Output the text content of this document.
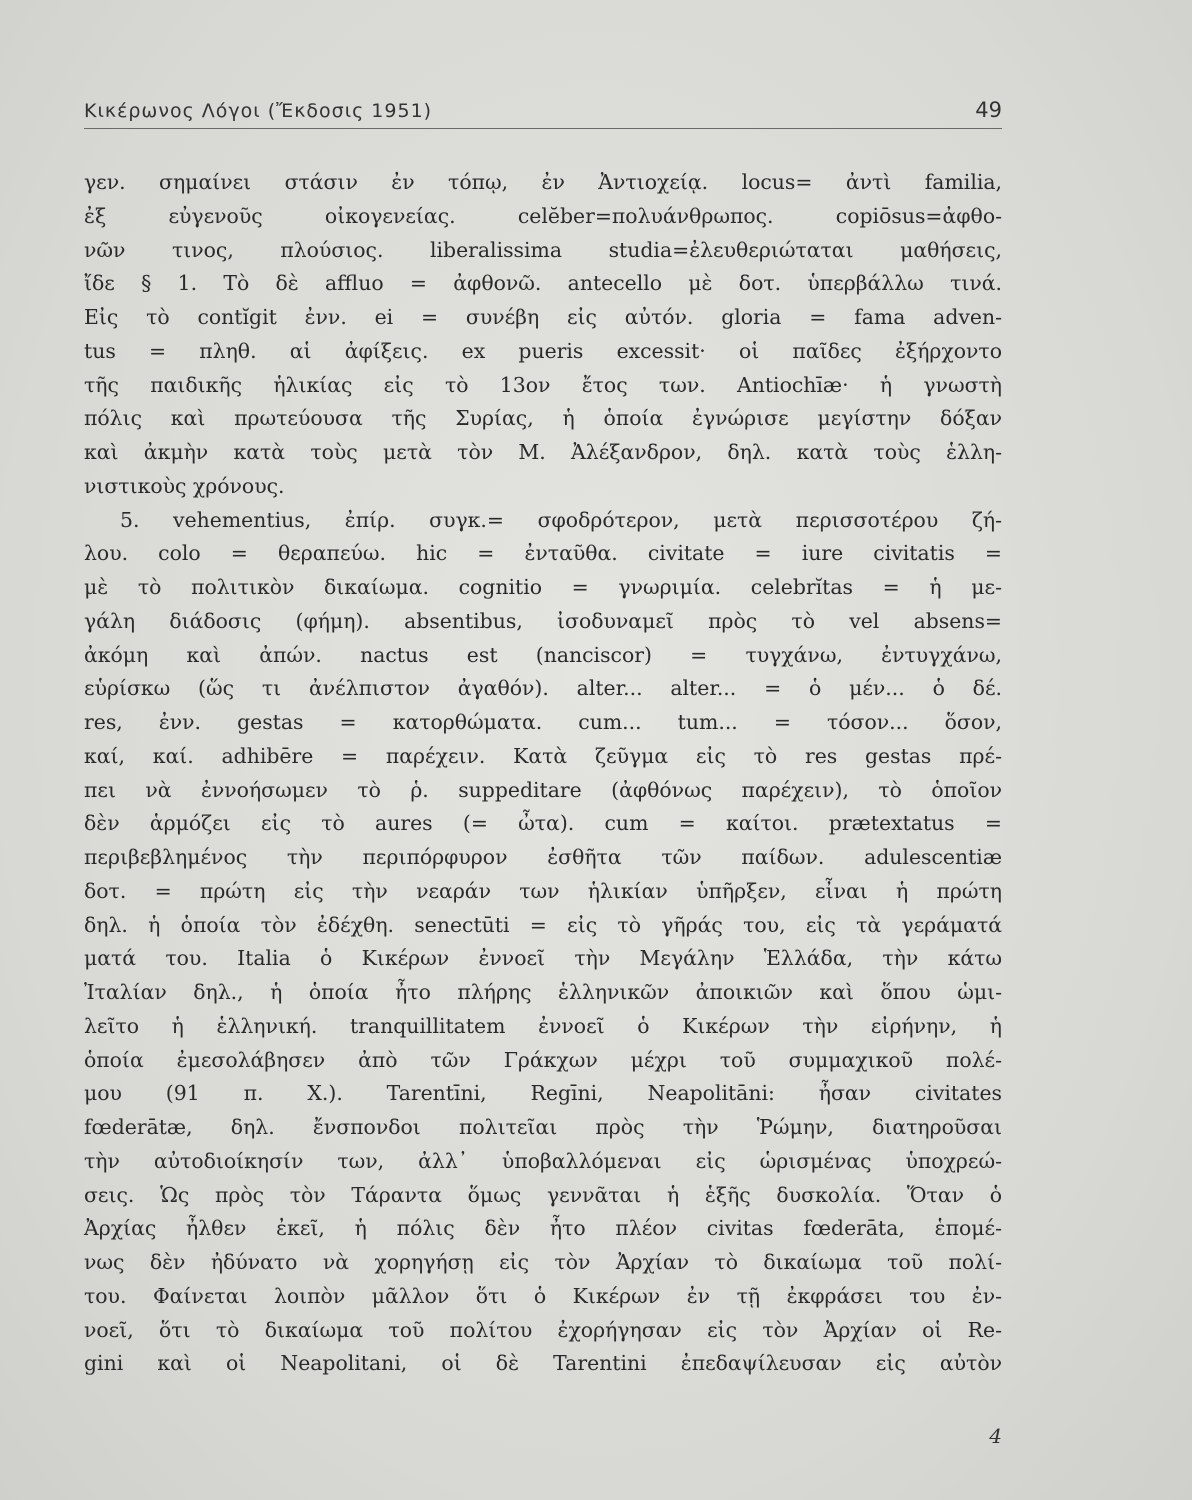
Κικέρωνος Λόγοι (Ἔκδοσις 1951)	49
γεν. σημαίνει στάσιν ἐν τόπῳ, ἐν Ἀντιοχείᾳ. locus= ἀντὶ familia,
ἐξ εὐγενοῦς οἰκογενείας. celĕber=πολυάνθρωπος. copiōsus=ἀφθο-
νῶν τινος, πλούσιος. liberalissima studia=ἐλευθεριώταται μαθήσεις,
ἴδε § 1. Τὸ δὲ affluo = ἀφθονῶ. antecello μὲ δοτ. ὑπερβάλλω τινά.
Εἰς τὸ contĭgit ἐνν. ei = συνέβη εἰς αὐτόν. gloria = fama adven-
tus = πληθ. αἱ ἀφίξεις. ex pueris excessit· οἱ παῖδες ἐξήρχοντο
τῆς παιδικῆς ἡλικίας εἰς τὸ 13ον ἔτος των. Antiochīæ· ἡ γνωστὴ
πόλις καὶ πρωτεύουσα τῆς Συρίας, ἡ ὁποία ἐγνώρισε μεγίστην δόξαν
καὶ ἀκμὴν κατὰ τοὺς μετὰ τὸν Μ. Ἀλέξανδρον, δηλ. κατὰ τοὺς ἑλλη-
νιστικοὺς χρόνους.
5. vehementius, ἐπίρ. συγκ.= σφοδρότερον, μετὰ περισσοτέρου ζή-
λου. colo = θεραπεύω. hic = ἐνταῦθα. civitate = iure civitatis =
μὲ τὸ πολιτικὸν δικαίωμα. cognitio = γνωριμία. celebrĭtas = ἡ με-
γάλη διάδοσις (φήμη). absentibus, ἰσοδυναμεῖ πρὸς τὸ vel absens=
ἀκόμη καὶ ἀπών. nactus est (nanciscor) = τυγχάνω, ἐντυγχάνω,
εὑρίσκω (ὥς τι ἀνέλπιστον ἀγαθόν). alter... alter... = ὁ μέν... ὁ δέ.
res, ἐνν. gestas = κατορθώματα. cum... tum... = τόσον... ὅσον,
καί, καί. adhibēre = παρέχειν. Κατὰ ζεῦγμα εἰς τὸ res gestas πρέ-
πει νὰ ἐννοήσωμεν τὸ ῥ. suppeditare (ἀφθόνως παρέχειν), τὸ ὁποῖον
δὲν ἁρμόζει εἰς τὸ aures (= ὦτα). cum = καίτοι. prætextatus =
περιβεβλημένος τὴν περιπόρφυρον ἐσθῆτα τῶν παίδων. adulescentiæ
δοτ. = πρώτη εἰς τὴν νεαράν των ἡλικίαν ὑπῆρξεν, εἶναι ἡ πρώτη
δηλ. ἡ ὁποία τὸν ἐδέχθη. senectūti = εἰς τὸ γῆράς του, εἰς τὰ γεράματά
ματά του. Italia ὁ Κικέρων ἐννοεῖ τὴν Μεγάλην Ἑλλάδα, τὴν κάτω
Ἰταλίαν δηλ., ἡ ὁποία ἦτο πλήρης ἑλληνικῶν ἀποικιῶν καὶ ὅπου ὡμι-
λεῖτο ἡ ἑλληνική. tranquillitatem ἐννοεῖ ὁ Κικέρων τὴν εἰρήνην, ἡ
ὁποία ἐμεσολάβησεν ἀπὸ τῶν Γράκχων μέχρι τοῦ συμμαχικοῦ πολέ-
μου (91 π. Χ.). Tarentīni, Regīni, Neapolitāni: ἦσαν civitates
fœderātæ, δηλ. ἔνσπονδοι πολιτεῖαι πρὸς τὴν Ῥώμην, διατηροῦσαι
τὴν αὐτοδιοίκησίν των, ἀλλ᾿ ὑποβαλλόμεναι εἰς ὡρισμένας ὑποχρεώ-
σεις. Ὡς πρὸς τὸν Τάραντα ὅμως γεννᾶται ἡ ἑξῆς δυσκολία. Ὅταν ὁ
Ἀρχίας ἦλθεν ἐκεῖ, ἡ πόλις δὲν ἦτο πλέον civitas fœderāta, ἑπομέ-
νως δὲν ἠδύνατο νὰ χορηγήσῃ εἰς τὸν Ἀρχίαν τὸ δικαίωμα τοῦ πολί-
του. Φαίνεται λοιπὸν μᾶλλον ὅτι ὁ Κικέρων ἐν τῇ ἐκφράσει του ἐν-
νοεῖ, ὅτι τὸ δικαίωμα τοῦ πολίτου ἐχορήγησαν εἰς τὸν Ἀρχίαν οἱ Re-
gini καὶ οἱ Neapolitani, οἱ δὲ Tarentini ἐπεδαψίλευσαν εἰς αὐτὸν
4
